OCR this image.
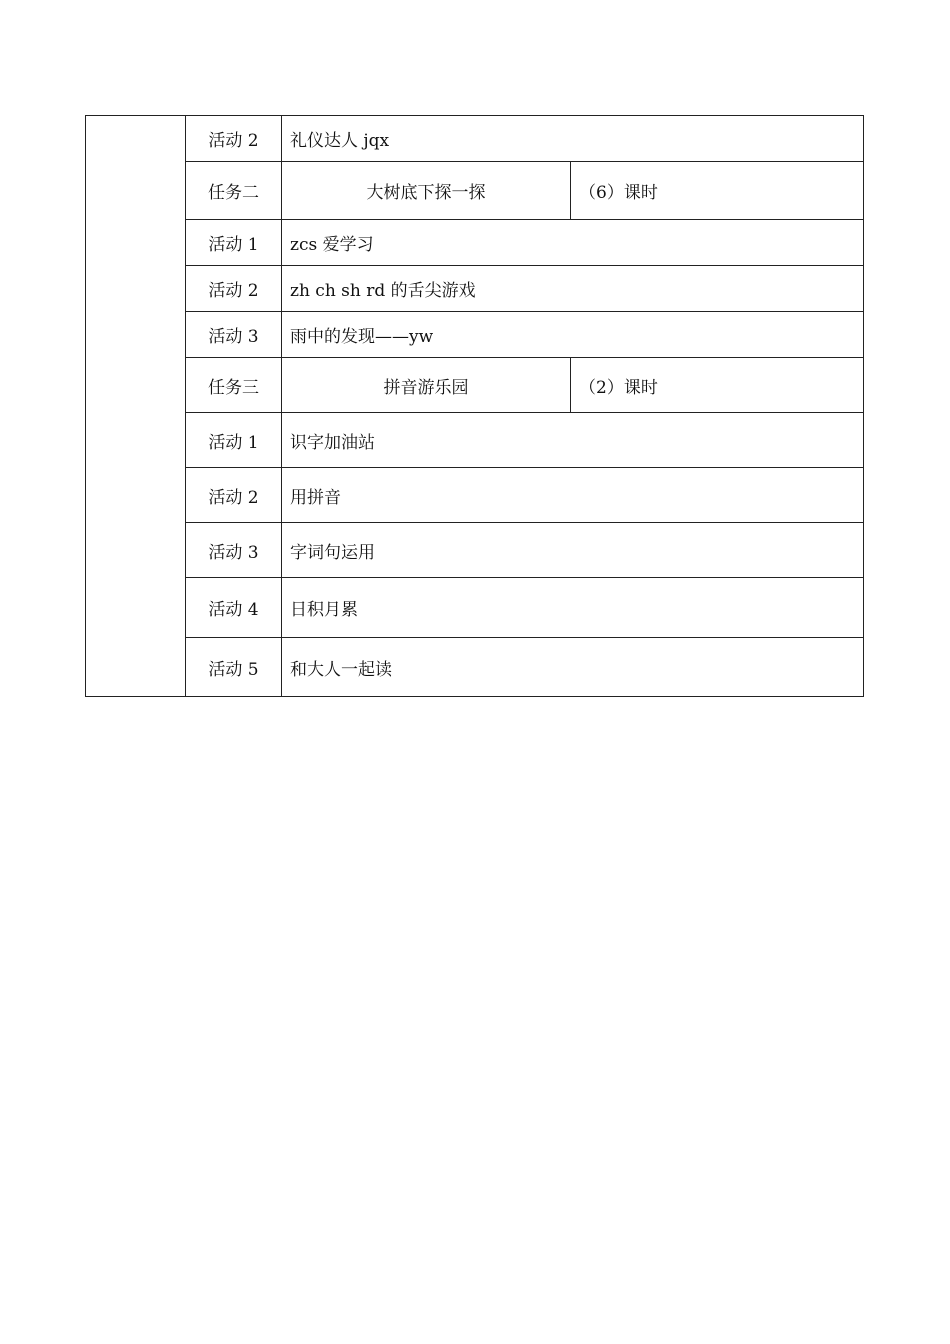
	活动 2	礼仪达人 jqx	
	任务二	大树底下探一探	（6）课时
	活动 1	zcs 爱学习	
	活动 2	zh ch sh rd 的舌尖游戏	
	活动 3	雨中的发现——yw	
	任务三	拼音游乐园	（2）课时
	活动 1	识字加油站	
	活动 2	用拼音	
	活动 3	字词句运用	
	活动 4	日积月累	
	活动 5	和大人一起读	
